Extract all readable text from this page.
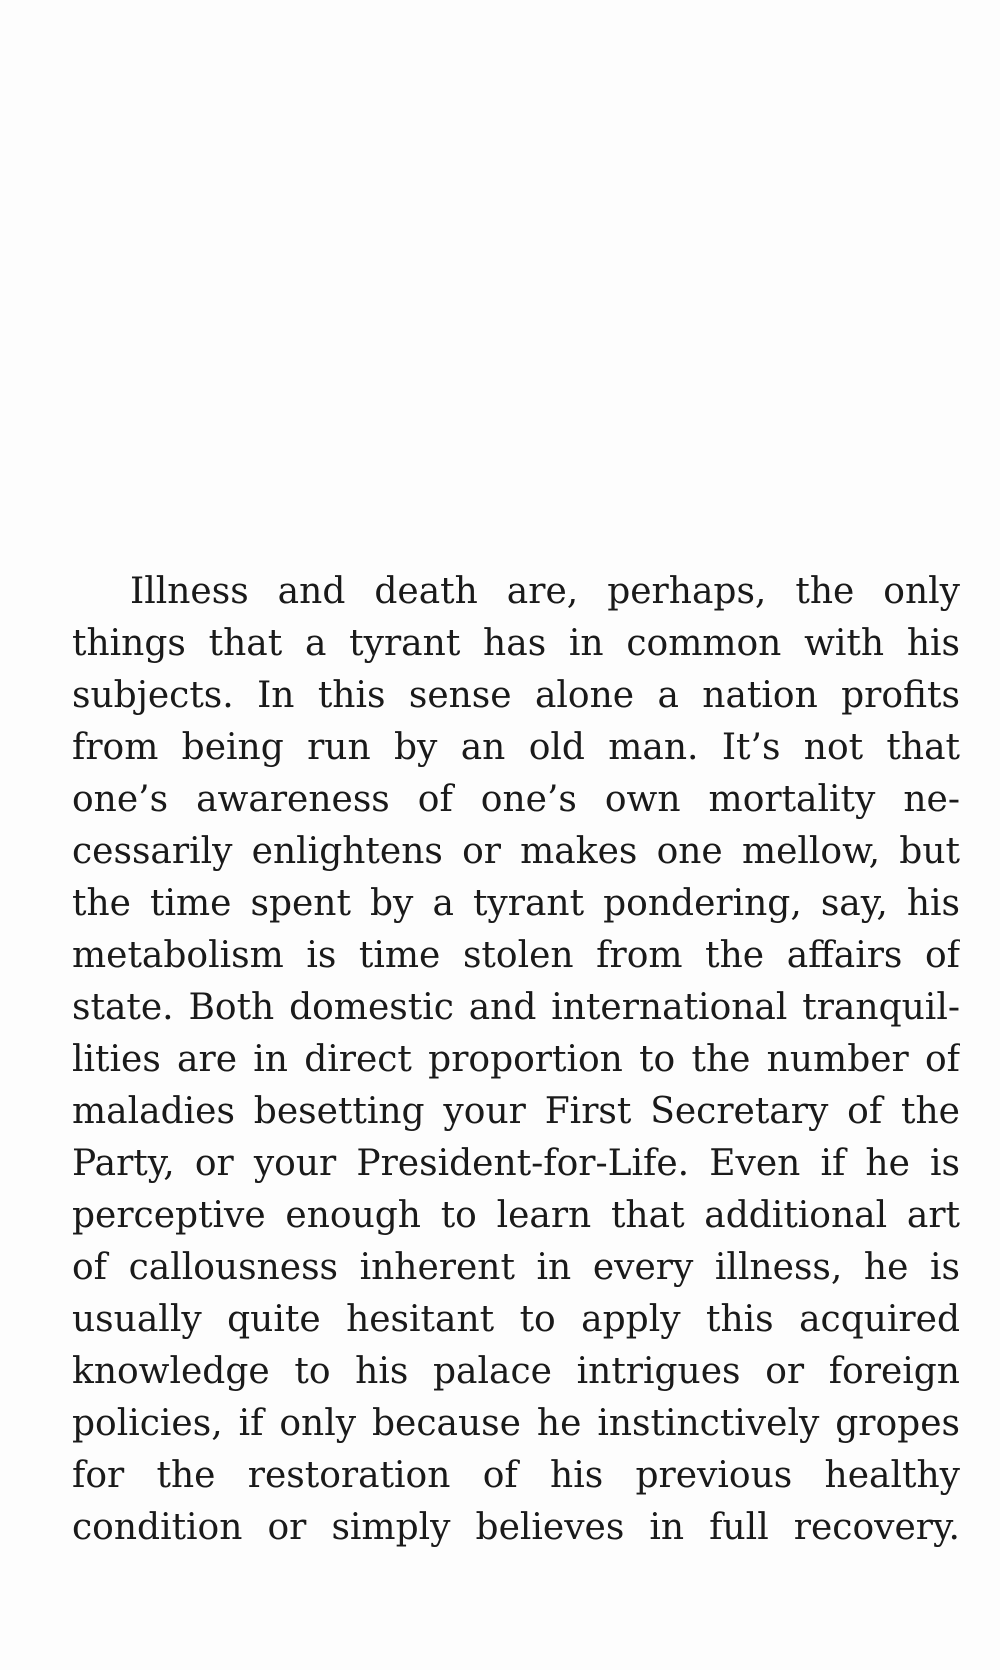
Illness and death are, perhaps, the only
things that a tyrant has in common with his
subjects. In this sense alone a nation profits
from being run by an old man. It’s not that
one’s awareness of one’s own mortality ne-
cessarily enlightens or makes one mellow, but
the time spent by a tyrant pondering, say, his
metabolism is time stolen from the affairs of
state. Both domestic and international tranquil-
lities are in direct proportion to the number of
maladies besetting your First Secretary of the
Party, or your President-for-Life. Even if he is
perceptive enough to learn that additional art
of callousness inherent in every illness, he is
usually quite hesitant to apply this acquired
knowledge to his palace intrigues or foreign
policies, if only because he instinctively gropes
for the restoration of his previous healthy
condition or simply believes in full recovery.
